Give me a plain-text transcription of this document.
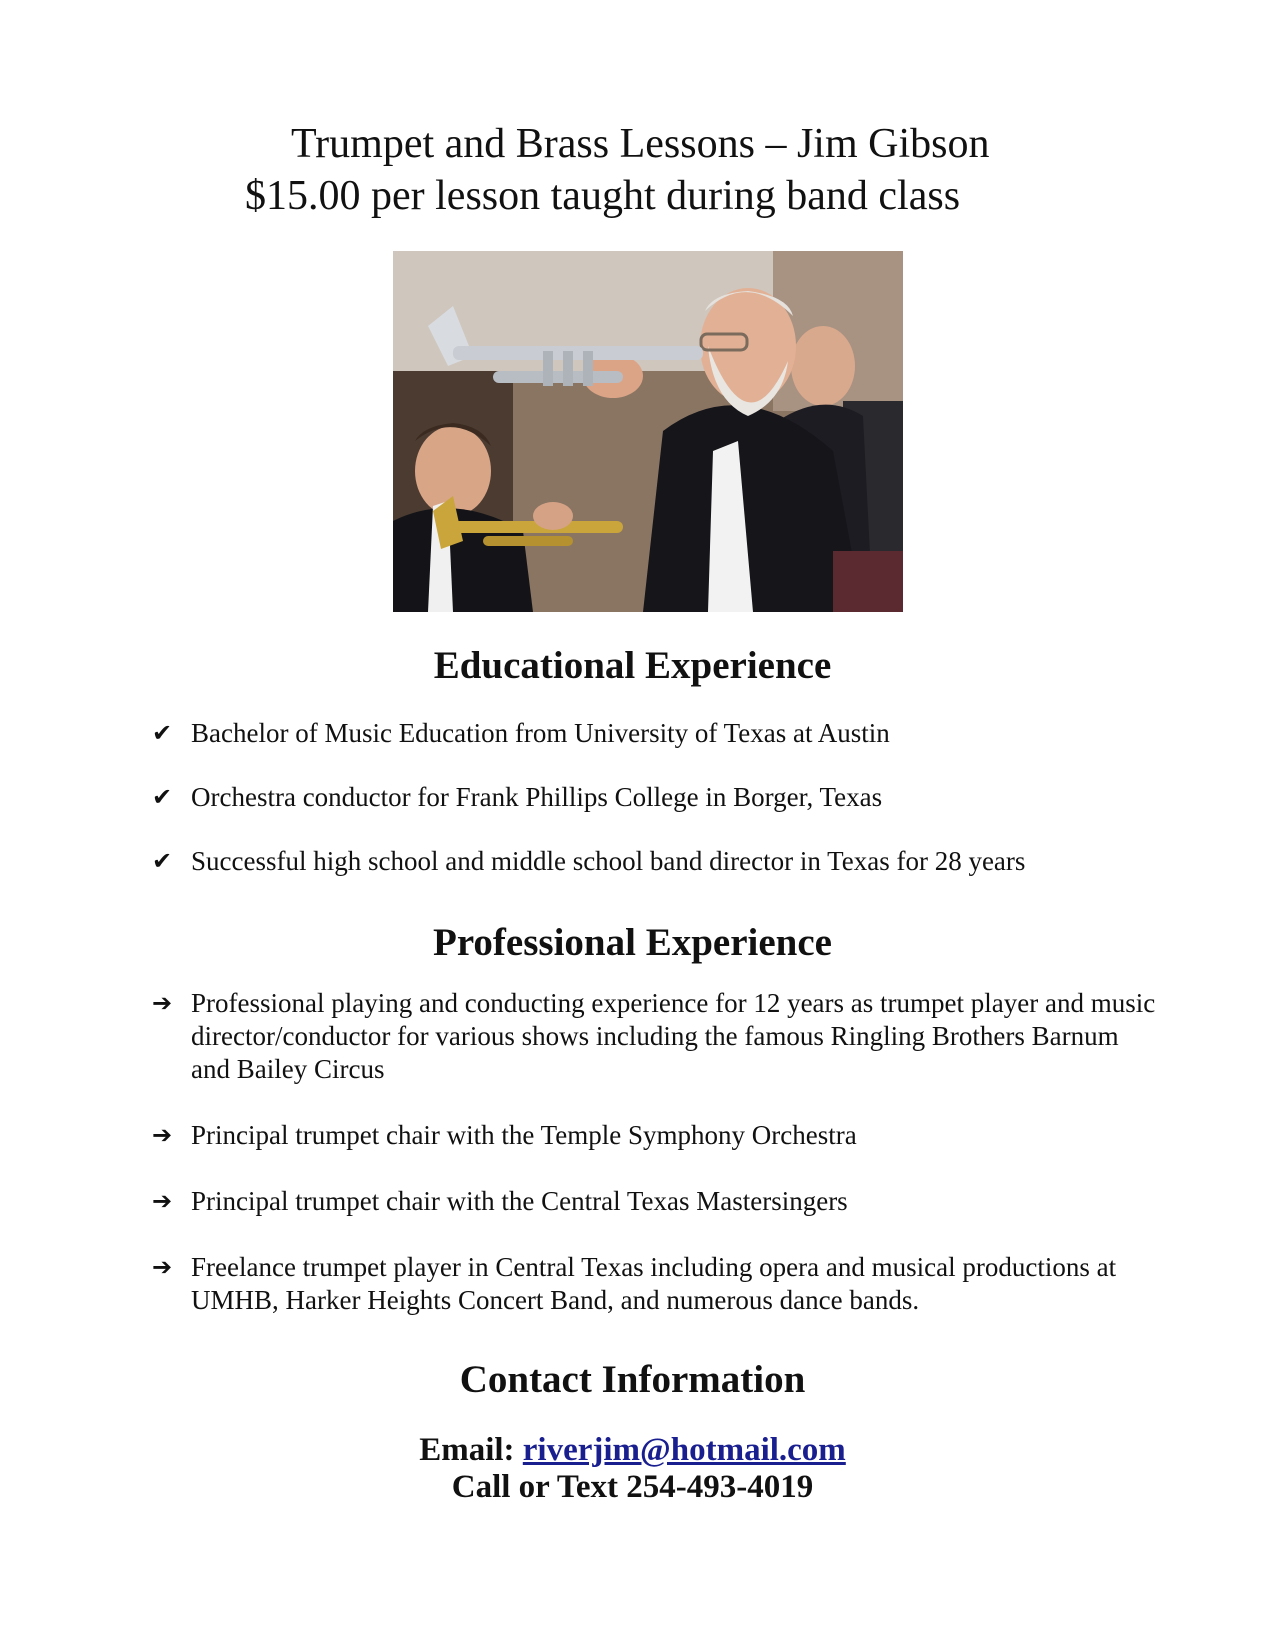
Trumpet and Brass Lessons – Jim Gibson
$15.00 per lesson taught during band class
Educational Experience
✔ Bachelor of Music Education from University of Texas at Austin
✔ Orchestra conductor for Frank Phillips College in Borger, Texas
✔ Successful high school and middle school band director in Texas for 28 years
Professional Experience
➔ Professional playing and conducting experience for 12 years as trumpet player and music director/conductor for various shows including the famous Ringling Brothers Barnum and Bailey Circus
➔ Principal trumpet chair with the Temple Symphony Orchestra
➔ Principal trumpet chair with the Central Texas Mastersingers
➔ Freelance trumpet player in Central Texas including opera and musical productions at UMHB, Harker Heights Concert Band, and numerous dance bands.
Contact Information
Email: riverjim@hotmail.com
Call or Text 254-493-4019
